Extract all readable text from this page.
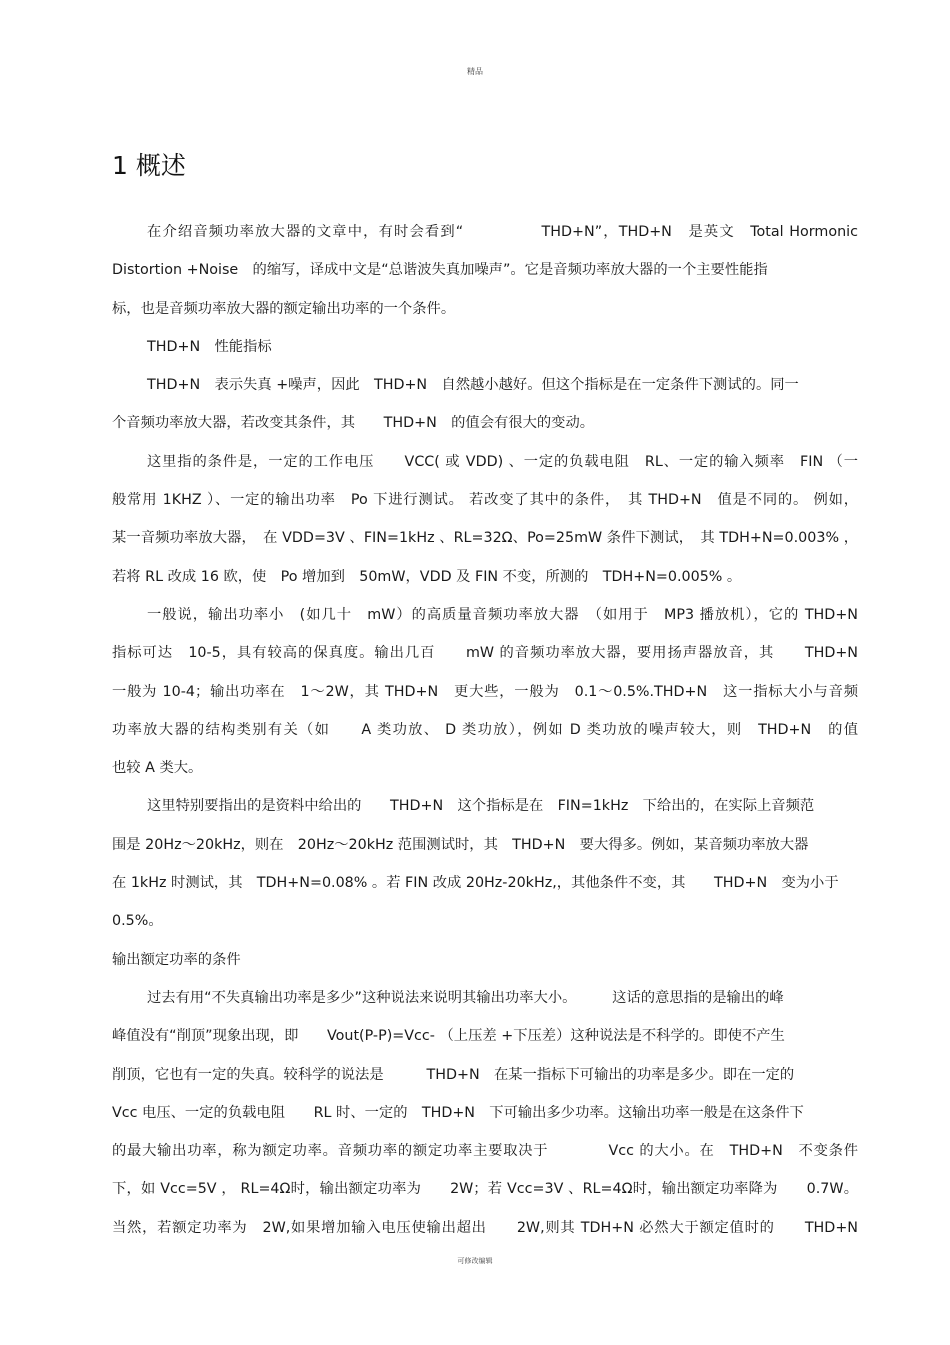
精品
1 概述
在介绍音频功率放大器的文章中，有时会看到“　　　　　THD+N”，THD+N　是英文　Total Hormonic
Distortion +Noise　的缩写，译成中文是“总谐波失真加噪声”。它是音频功率放大器的一个主要性能指
标，也是音频功率放大器的额定输出功率的一个条件。
THD+N　性能指标
THD+N　表示失真 +噪声，因此　THD+N　自然越小越好。但这个指标是在一定条件下测试的。同一
个音频功率放大器，若改变其条件，其　　THD+N　的值会有很大的变动。
这里指的条件是，一定的工作电压　　VCC( 或 VDD) 、一定的负载电阻　RL、一定的输入频率　FIN （一
般常用 1KHZ ）、一定的输出功率　Po 下进行测试。 若改变了其中的条件，　其 THD+N　值是不同的。 例如，
某一音频功率放大器，　在 VDD=3V 、FIN=1kHz 、RL=32Ω、Po=25mW 条件下测试，　其 TDH+N=0.003% ，
若将 RL 改成 16 欧，使　Po 增加到　50mW，VDD 及 FIN 不变，所测的　TDH+N=0.005% 。
一般说，输出功率小　(如几十　mW）的高质量音频功率放大器　（如用于　MP3 播放机），它的 THD+N
指标可达　10-5，具有较高的保真度。输出几百　　mW 的音频功率放大器，要用扬声器放音，其　　THD+N
一般为 10-4；输出功率在　1～2W，其 THD+N　更大些，一般为　0.1～0.5%.THD+N　这一指标大小与音频
功率放大器的结构类别有关（如　　A 类功放、 D 类功放），例如 D 类功放的噪声较大，则　THD+N　的值
也较 A 类大。
这里特别要指出的是资料中给出的　　THD+N　这个指标是在　FIN=1kHz　下给出的，在实际上音频范
围是 20Hz～20kHz，则在　20Hz～20kHz 范围测试时，其　THD+N　要大得多。例如，某音频功率放大器
在 1kHz 时测试，其　TDH+N=0.08% 。若 FIN 改成 20Hz-20kHz,，其他条件不变，其　　THD+N　变为小于
0.5%。
输出额定功率的条件
过去有用“不失真输出功率是多少”这种说法来说明其输出功率大小。　　　这话的意思指的是输出的峰
峰值没有“削顶”现象出现，即　　Vout(P-P)=Vcc- （上压差 +下压差）这种说法是不科学的。即使不产生
削顶，它也有一定的失真。较科学的说法是　　　THD+N　在某一指标下可输出的功率是多少。即在一定的
Vcc 电压、一定的负载电阻　　RL 时、一定的　THD+N　下可输出多少功率。这输出功率一般是在这条件下
的最大输出功率，称为额定功率。音频功率的额定功率主要取决于　　　　Vcc 的大小。在　THD+N　不变条件
下，如 Vcc=5V ， RL=4Ω时，输出额定功率为　　2W；若 Vcc=3V 、RL=4Ω时，输出额定功率降为　　0.7W。
当然，若额定功率为　2W,如果增加输入电压使输出超出　　2W,则其 TDH+N 必然大于额定值时的　　THD+N
可修改编辑
